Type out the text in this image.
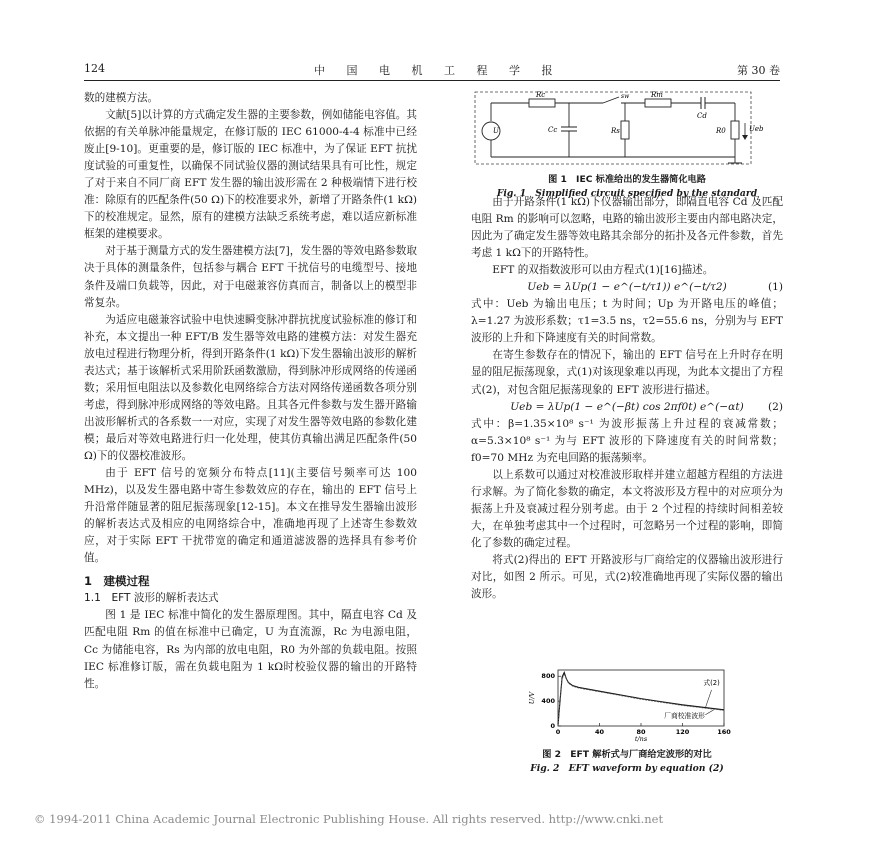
124	中 国 电 机 工 程 学 报	第 30 卷

数的建模方法。

文献[5]以计算的方式确定发生器的主要参数，例如储能电容值。其依据的有关单脉冲能量规定，在修订版的 IEC 61000-4-4 标准中已经废止[9-10]。更重要的是，修订版的 IEC 标准中，为了保证 EFT 抗扰度试验的可重复性，以确保不同试验仪器的测试结果具有可比性，规定了对于来自不同厂商 EFT 发生器的输出波形需在 2 种极端情下进行校准：除原有的匹配条件(50 Ω)下的校准要求外，新增了开路条件(1 kΩ)下的校准规定。显然，原有的建模方法缺乏系统考虑，难以适应新标准框架的建模要求。

对于基于测量方式的发生器建模方法[7]，发生器的等效电路参数取决于具体的测量条件，包括参与耦合 EFT 干扰信号的电缆型号、接地条件及端口负载等，因此，对于电磁兼容仿真而言，制备以上的模型非常复杂。

为适应电磁兼容试验中电快速瞬变脉冲群抗扰度试验标准的修订和补充，本文提出一种 EFT/B 发生器等效电路的建模方法：对发生器充放电过程进行物理分析，得到开路条件(1 kΩ)下发生器输出波形的解析表达式；基于该解析式采用阶跃函数激励，得到脉冲形成网络的传递函数；采用恒电阻法以及参数化电网络综合方法对网络传递函数各项分别考虑，得到脉冲形成网络的等效电路。且其各元件参数与发生器开路输出波形解析式的各系数一一对应，实现了对发生器等效电路的参数化建模；最后对等效电路进行归一化处理，使其仿真输出满足匹配条件(50 Ω)下的仪器校准波形。

由于 EFT 信号的宽频分布特点[11](主要信号频率可达 100 MHz)，以及发生器电路中寄生参数效应的存在，输出的 EFT 信号上升沿常伴随显著的阻尼振荡现象[12-15]。本文在推导发生器输出波形的解析表达式及相应的电网络综合中，准确地再现了上述寄生参数效应，对于实际 EFT 干扰带宽的确定和通道滤波器的选择具有参考价值。

1　建模过程

1.1　EFT 波形的解析表达式

图 1 是 IEC 标准中简化的发生器原理图。其中，隔直电容 Cd 及匹配电阻 Rm 的值在标准中已确定，U 为直流源，Rc 为电源电阻，Cc 为储能电容，Rs 为内部的放电电阻，R0 为外部的负载电阻。按照 IEC 标准修订版，需在负载电阻为 1 kΩ时校验仪器的输出的开路特性。

U
Rc
Cc	Rs
sw	Rm
Cd
R0	Ueb
图 1　IEC 标准给出的发生器简化电路
Fig. 1　Simplified circuit specified by the standard

由于开路条件(1 kΩ)下仪器输出部分，即隔直电容 Cd 及匹配电阻 Rm 的影响可以忽略，电路的输出波形主要由内部电路决定，因此为了确定发生器等效电路其余部分的拓扑及各元件参数，首先考虑 1 kΩ下的开路特性。

EFT 的双指数波形可以由方程式(1)[16]描述。

Ueb = λUp(1 − e^(−t/τ1)) e^(−t/τ2)	(1)

式中：Ueb 为输出电压；t 为时间；Up 为开路电压的峰值；λ=1.27 为波形系数；τ1=3.5 ns，τ2=55.6 ns，分别为与 EFT 波形的上升和下降速度有关的时间常数。

在寄生参数存在的情况下，输出的 EFT 信号在上升时存在明显的阻尼振荡现象，式(1)对该现象难以再现，为此本文提出了方程式(2)，对包含阻尼振荡现象的 EFT 波形进行描述。

Ueb = λUp(1 − e^(−βt) cos 2πf0t) e^(−αt) (2)

式中：β=1.35×10⁸ s⁻¹ 为波形振荡上升过程的衰减常数；α=5.3×10⁸ s⁻¹ 为与 EFT 波形的下降速度有关的时间常数；f0=70 MHz 为充电回路的振荡频率。

以上系数可以通过对校准波形取样并建立超越方程组的方法进行求解。为了简化参数的确定，本文将波形及方程中的对应项分为振荡上升及衰减过程分别考虑。由于 2 个过程的持续时间相差较大，在单独考虑其中一个过程时，可忽略另一个过程的影响，即简化了参数的确定过程。

将式(2)得出的 EFT 开路波形与厂商给定的仪器输出波形进行对比，如图 2 所示。可见，式(2)较准确地再现了实际仪器的输出波形。

0	40	80	120	160
0
400
800
t/ns
U/V
式(2)
厂商校准波形
图 2　EFT 解析式与厂商给定波形的对比
Fig. 2　EFT waveform by equation (2)
© 1994-2011 China Academic Journal Electronic Publishing House. All rights reserved. http://www.cnki.net
